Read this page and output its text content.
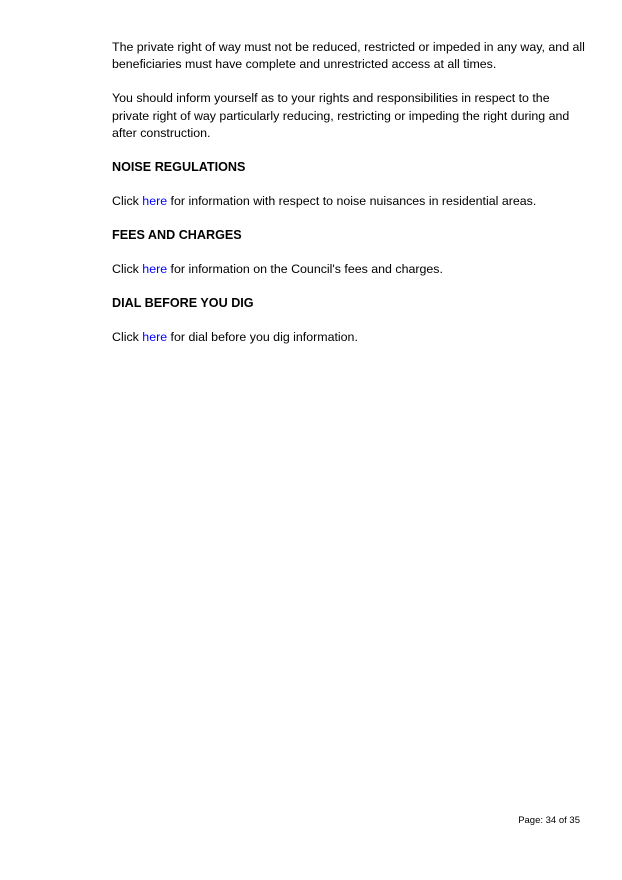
The private right of way must not be reduced, restricted or impeded in any way, and all beneficiaries must have complete and unrestricted access at all times.

You should inform yourself as to your rights and responsibilities in respect to the private right of way particularly reducing, restricting or impeding the right during and after construction.

NOISE REGULATIONS

Click here for information with respect to noise nuisances in residential areas.

FEES AND CHARGES

Click here for information on the Council's fees and charges.

DIAL BEFORE YOU DIG

Click here for dial before you dig information.

Page: 34 of 35
